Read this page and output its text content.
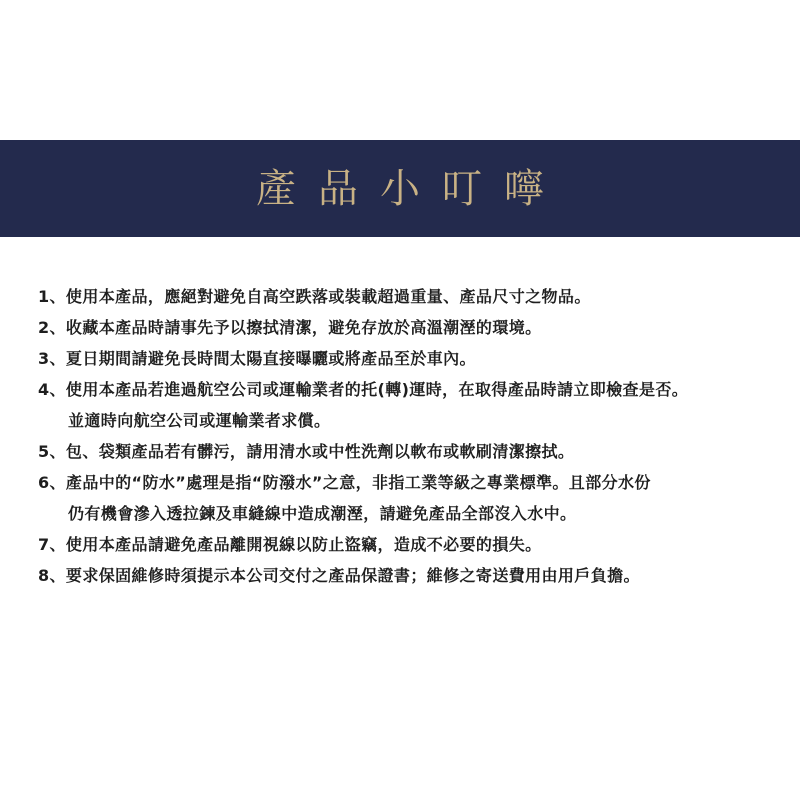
產品小叮嚀
1、使用本產品，應絕對避免自高空跌落或裝載超過重量、產品尺寸之物品。
2、收藏本產品時請事先予以擦拭清潔，避免存放於高溫潮溼的環境。
3、夏日期間請避免長時間太陽直接曝曬或將產品至於車內。
4、使用本產品若進過航空公司或運輸業者的托(轉)運時，在取得產品時請立即檢查是否。
並適時向航空公司或運輸業者求償。
5、包、袋類產品若有髒污，請用清水或中性洗劑以軟布或軟刷清潔擦拭。
6、產品中的“防水”處理是指“防潑水”之意，非指工業等級之專業標準。且部分水份
仍有機會滲入透拉鍊及車縫線中造成潮溼，請避免產品全部沒入水中。
7、使用本產品請避免產品離開視線以防止盜竊，造成不必要的損失。
8、要求保固維修時須提示本公司交付之產品保證書；維修之寄送費用由用戶負擔。
